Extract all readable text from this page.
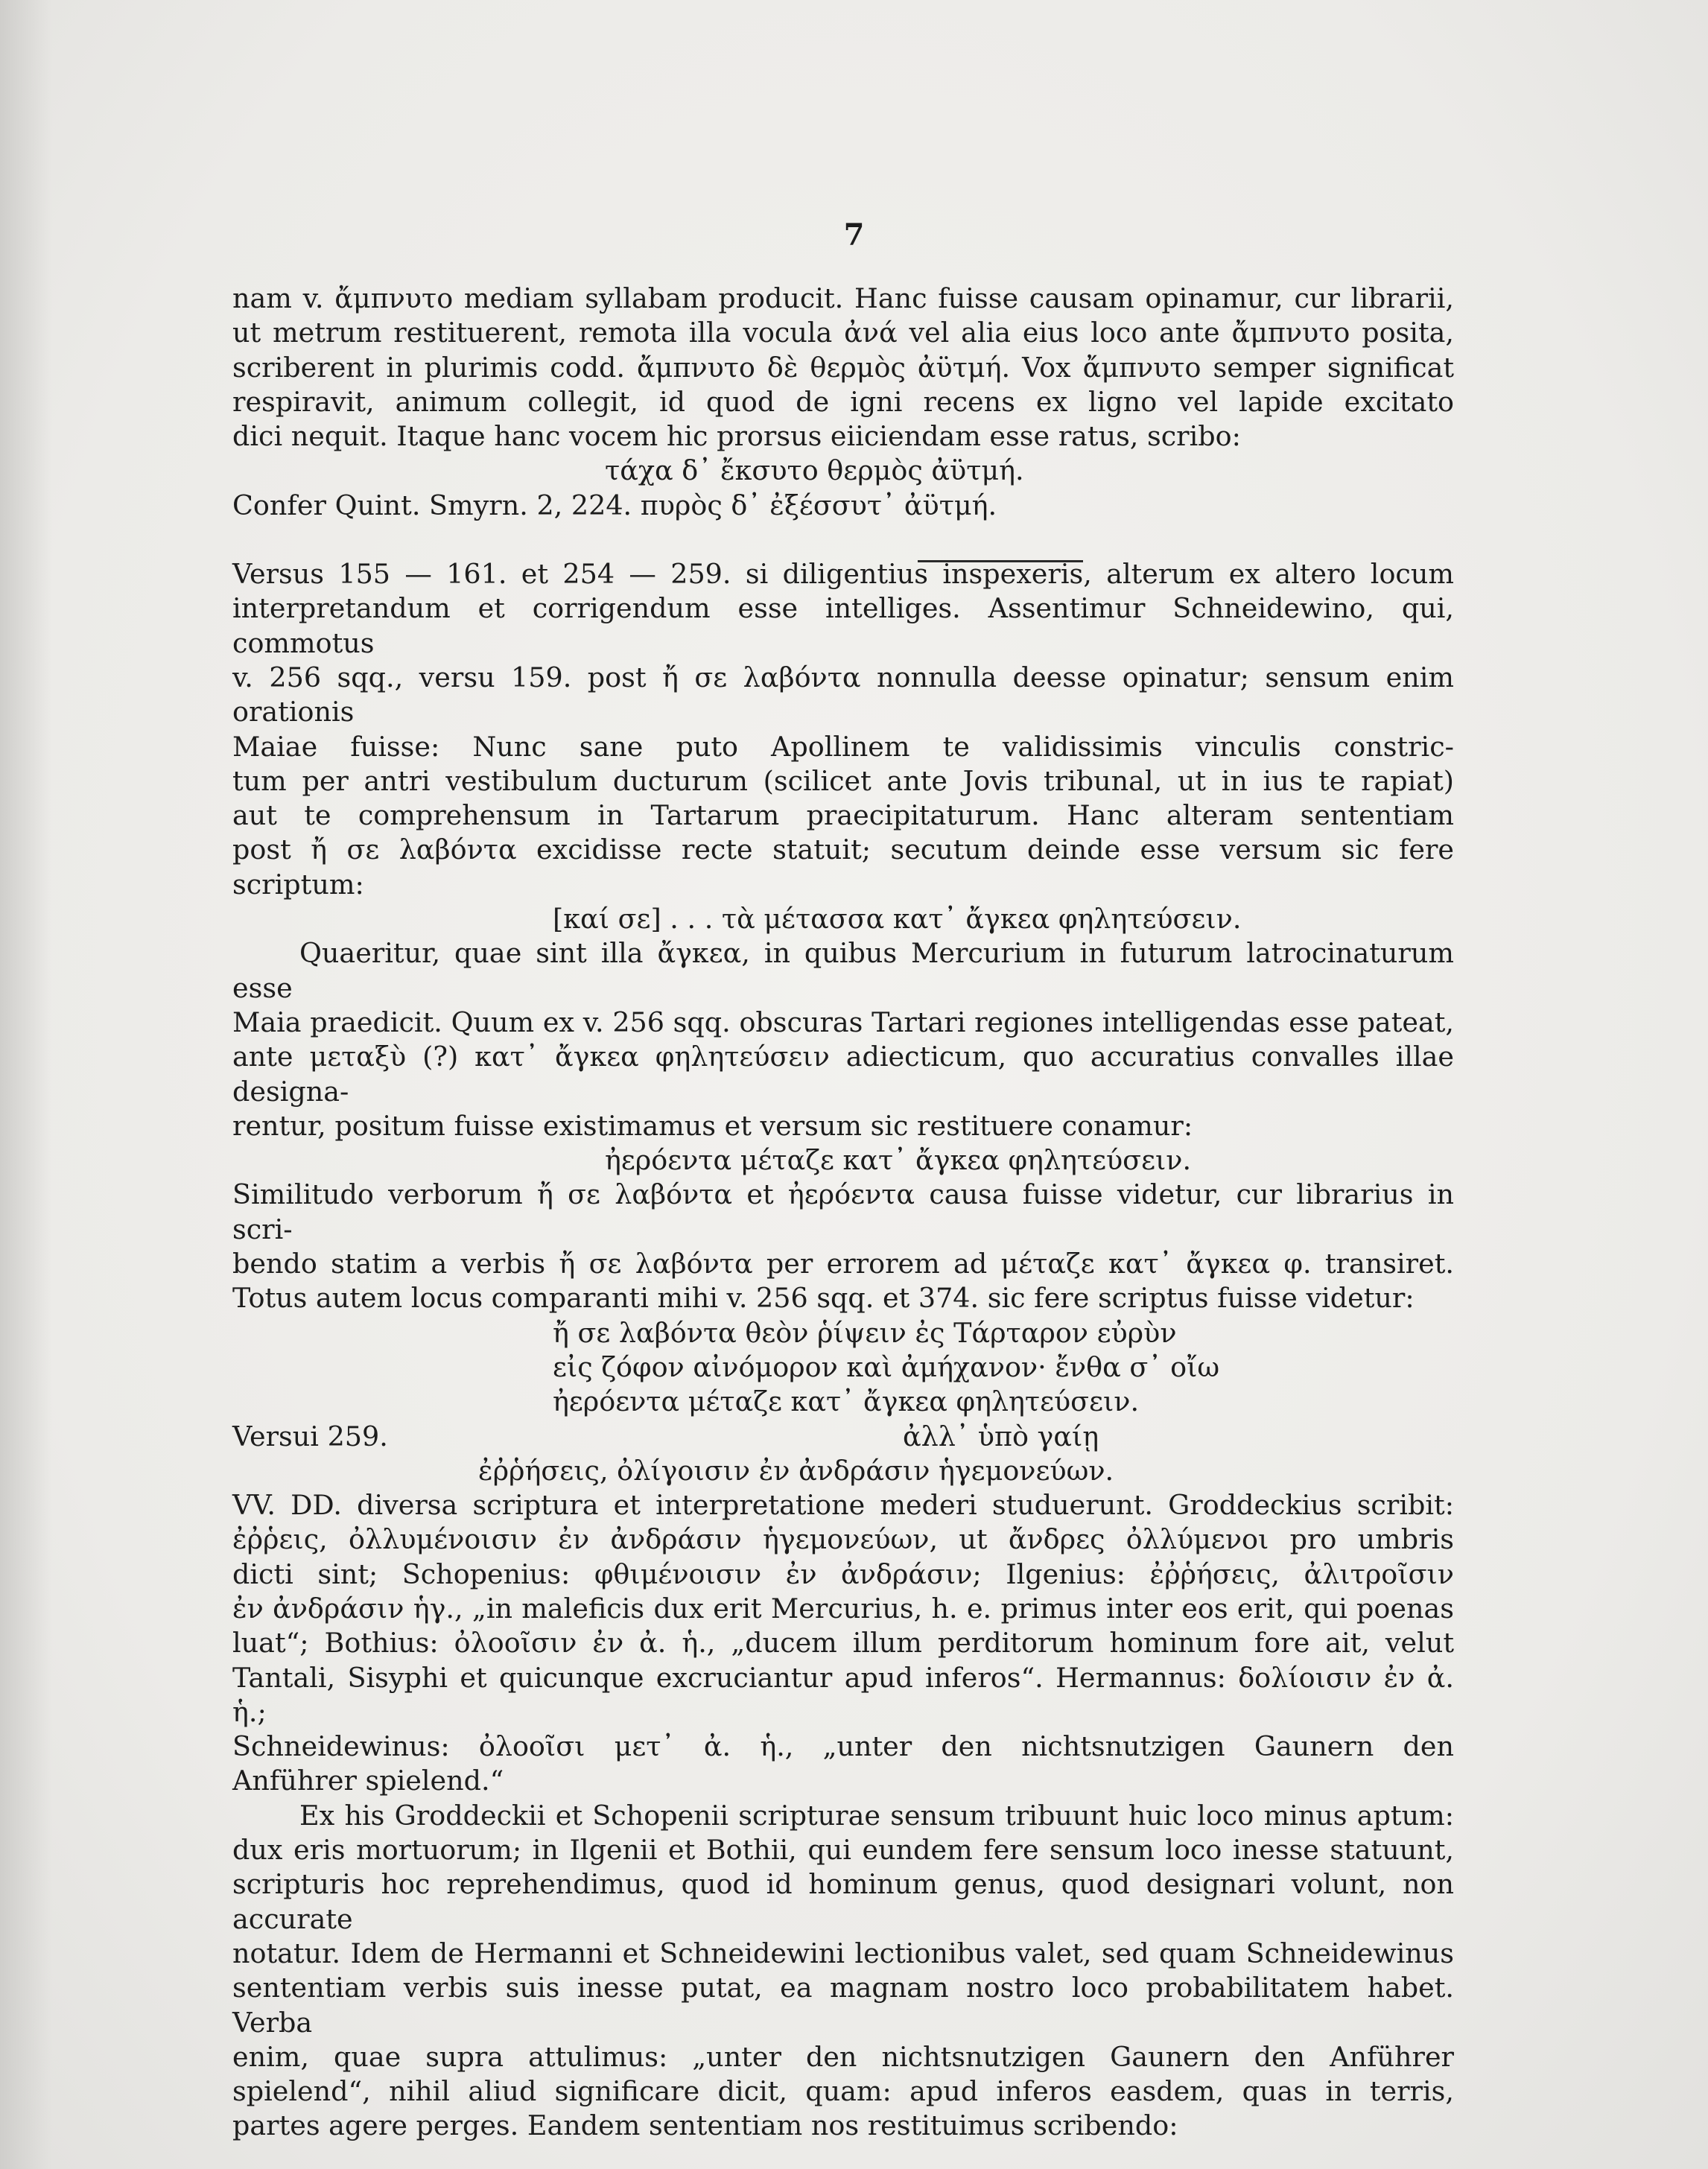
7

nam v. ἄμπνυτο mediam syllabam producit. Hanc fuisse causam opinamur, cur librarii,

ut metrum restituerent, remota illa vocula ἀνά vel alia eius loco ante ἄμπνυτο posita,

scriberent in plurimis codd. ἄμπνυτο δὲ θερμὸς ἀϋτμή. Vox ἄμπνυτο semper significat

respiravit, animum collegit, id quod de igni recens ex ligno vel lapide excitato

dici nequit. Itaque hanc vocem hic prorsus eiiciendam esse ratus, scribo:

τάχα δ᾽ ἔκσυτο θερμὸς ἀϋτμή.

Confer Quint. Smyrn. 2, 224. πυρὸς δ᾽ ἐξέσσυτ᾽ ἀϋτμή.

Versus 155 — 161. et 254 — 259. si diligentius inspexeris, alterum ex altero locum

interpretandum et corrigendum esse intelliges. Assentimur Schneidewino, qui, commotus

v. 256 sqq., versu 159. post ἤ σε λαβόντα nonnulla deesse opinatur; sensum enim orationis

Maiae fuisse: Nunc sane puto Apollinem te validissimis vinculis constric-

tum per antri vestibulum ducturum (scilicet ante Jovis tribunal, ut in ius te rapiat)

aut te comprehensum in Tartarum praecipitaturum. Hanc alteram sententiam

post ἤ σε λαβόντα excidisse recte statuit; secutum deinde esse versum sic fere scriptum:

[καί σε] . . . τὰ μέτασσα κατ᾽ ἄγκεα φηλητεύσειν.

Quaeritur, quae sint illa ἄγκεα, in quibus Mercurium in futurum latrocinaturum esse

Maia praedicit. Quum ex v. 256 sqq. obscuras Tartari regiones intelligendas esse pateat,

ante μεταξὺ (?) κατ᾽ ἄγκεα φηλητεύσειν adiecticum, quo accuratius convalles illae designa-

rentur, positum fuisse existimamus et versum sic restituere conamur:

ἠερόεντα μέταζε κατ᾽ ἄγκεα φηλητεύσειν.

Similitudo verborum ἤ σε λαβόντα et ἠερόεντα causa fuisse videtur, cur librarius in scri-

bendo statim a verbis ἤ σε λαβόντα per errorem ad μέταζε κατ᾽ ἄγκεα φ. transiret.

Totus autem locus comparanti mihi v. 256 sqq. et 374. sic fere scriptus fuisse videtur:

ἤ σε λαβόντα θεὸν ῥίψειν ἐς Τάρταρον εὐρὺν

εἰς ζόφον αἰνόμορον καὶ ἀμήχανον· ἔνθα σ᾽ οἴω

ἠερόεντα μέταζε κατ᾽ ἄγκεα φηλητεύσειν.

Versui 259.	ἀλλ᾽ ὑπὸ γαίῃ

ἐῤῥήσεις, ὀλίγοισιν ἐν ἀνδράσιν ἡγεμονεύων.

VV. DD. diversa scriptura et interpretatione mederi studuerunt. Groddeckius scribit:

ἐῤῥεις, ὀλλυμένοισιν ἐν ἀνδράσιν ἡγεμονεύων, ut ἄνδρες ὀλλύμενοι pro umbris

dicti sint; Schopenius: φθιμένοισιν ἐν ἀνδράσιν; Ilgenius: ἐῤῥήσεις, ἀλιτροῖσιν

ἐν ἀνδράσιν ἡγ., „in maleficis dux erit Mercurius, h. e. primus inter eos erit, qui poenas

luat“; Bothius: ὀλοοῖσιν ἐν ἀ. ἡ., „ducem illum perditorum hominum fore ait, velut

Tantali, Sisyphi et quicunque excruciantur apud inferos“. Hermannus: δολίοισιν ἐν ἀ. ἡ.;

Schneidewinus: ὀλοοῖσι μετ᾽ ἀ. ἡ., „unter den nichtsnutzigen Gaunern den

Anführer spielend.“

Ex his Groddeckii et Schopenii scripturae sensum tribuunt huic loco minus aptum:

dux eris mortuorum; in Ilgenii et Bothii, qui eundem fere sensum loco inesse statuunt,

scripturis hoc reprehendimus, quod id hominum genus, quod designari volunt, non accurate

notatur. Idem de Hermanni et Schneidewini lectionibus valet, sed quam Schneidewinus

sententiam verbis suis inesse putat, ea magnam nostro loco probabilitatem habet. Verba

enim, quae supra attulimus: „unter den nichtsnutzigen Gaunern den Anführer

spielend“, nihil aliud significare dicit, quam: apud inferos easdem, quas in terris,

partes agere perges. Eandem sententiam nos restituimus scribendo:
